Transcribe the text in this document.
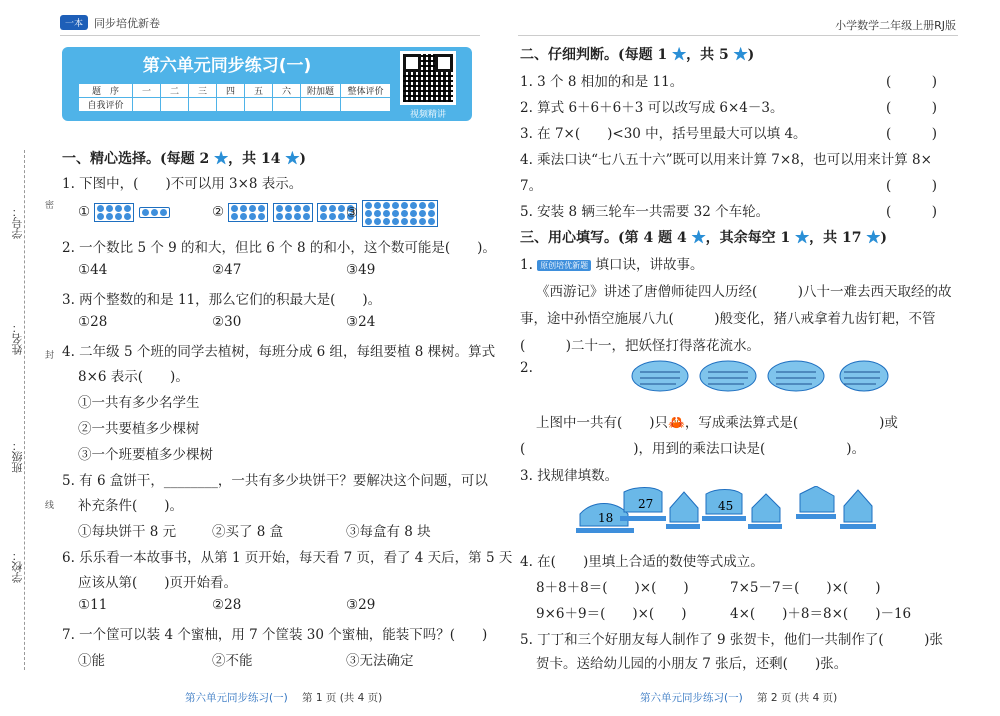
一本 同步培优新卷	小学数学二年级上册RJ版
第六单元同步练习(一)
题　序	一	二	三	四	五	六	附加题	整体评价
自我评价								
视频精讲
学校：
班级：
姓名：
学号：
密
封
线
一、精心选择。(每题 2 ★，共 14 ★)
1. 下图中，(　　)不可以用 3×8 表示。
①
	②

	③
2. 一个数比 5 个 9 的和大，但比 6 个 8 的和小，这个数可能是(　　)。
①44	②47	③49
3. 两个整数的和是 11，那么它们的积最大是(　　)。
①28	②30	③24
4. 二年级 5 个班的同学去植树，每班分成 6 组，每组要植 8 棵树。算式
8×6 表示(　　)。
①一共有多少名学生
②一共要植多少棵树
③一个班要植多少棵树
5. 有 6 盒饼干，________，一共有多少块饼干？要解决这个问题，可以
补充条件(　　)。
①每块饼干 8 元	②买了 8 盒	③每盒有 8 块
6. 乐乐看一本故事书，从第 1 页开始，每天看 7 页，看了 4 天后，第 5 天
应该从第(　　)页开始看。
①11	②28	③29
7. 一个筐可以装 4 个蜜柚，用 7 个筐装 30 个蜜柚，能装下吗？(　　)
①能	②不能	③无法确定
第六单元同步练习(一) 第 1 页 (共 4 页)
二、仔细判断。(每题 1 ★，共 5 ★)
1. 3 个 8 相加的和是 11。	(　　　)
2. 算式 6＋6＋6＋3 可以改写成 6×4－3。	(　　　)
3. 在 7×(　　)<30 中，括号里最大可以填 4。	(　　　)
4. 乘法口诀“七八五十六”既可以用来计算 7×8，也可以用来计算 8×
7。	(　　　)
5. 安装 8 辆三轮车一共需要 32 个车轮。	(　　　)
三、用心填写。(第 4 题 4 ★，其余每空 1 ★，共 17 ★)
1. 原创培优新题 填口诀，讲故事。
《西游记》讲述了唐僧师徒四人历经(　　　)八十一难去西天取经的故
事，途中孙悟空施展八九(　　　)般变化，猪八戒拿着九齿钉耙，不管
(　　　)二十一，把妖怪打得落花流水。
2.
上图中一共有(　　)只🦀，写成乘法算式是(　　　　　　)或
(　　　　　　　　)，用到的乘法口诀是(　　　　　　)。
3. 找规律填数。
18
27	45
4. 在(　　)里填上合适的数使等式成立。
8＋8＋8＝(　　)×(　　)	7×5－7＝(　　)×(　　)
9×6＋9＝(　　)×(　　)	4×(　　)＋8＝8×(　　)－16
5. 丁丁和三个好朋友每人制作了 9 张贺卡，他们一共制作了(　　　)张
贺卡。送给幼儿园的小朋友 7 张后，还剩(　　)张。
第六单元同步练习(一) 第 2 页 (共 4 页)
